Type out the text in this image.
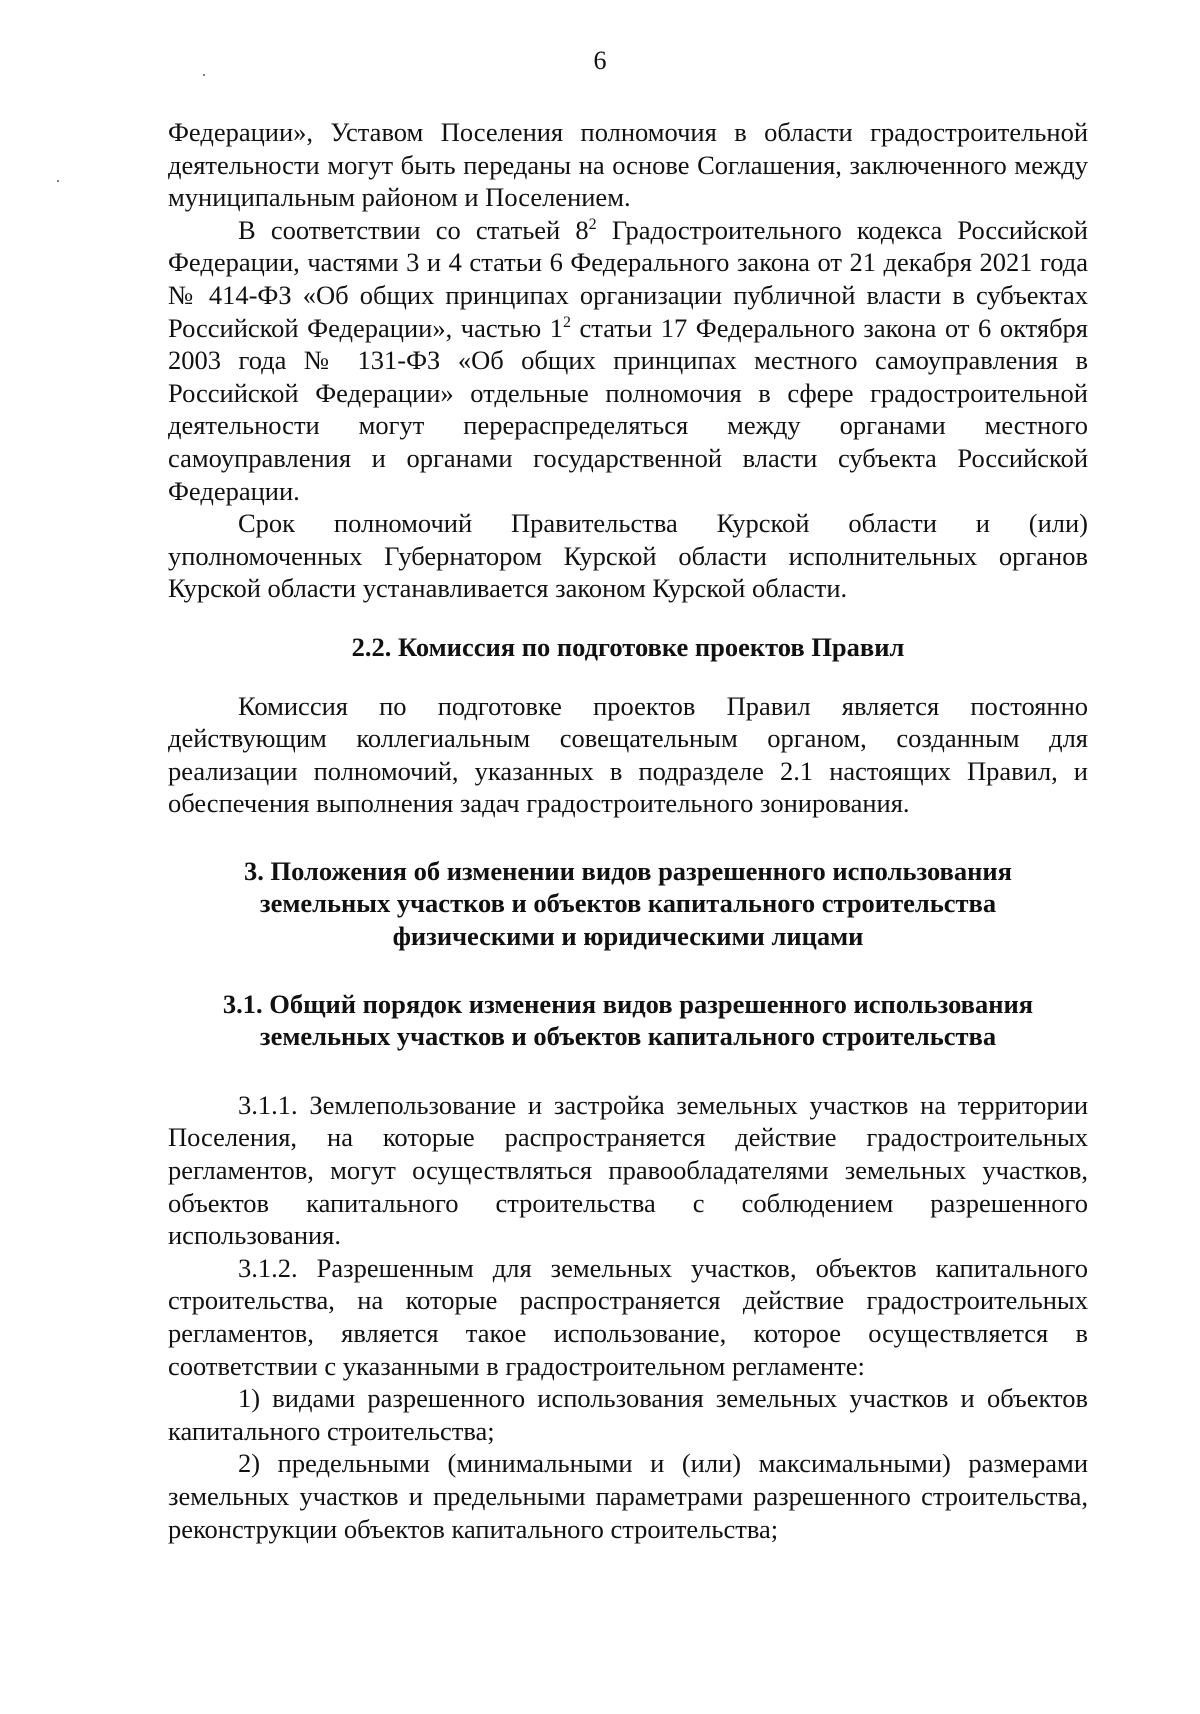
6

Федерации», Уставом Поселения полномочия в области градостроительной деятельности могут быть переданы на основе Соглашения, заключенного между муниципальным районом и Поселением.

В соответствии со статьей $8^2$ Градостроительного кодекса Российской Федерации, частями 3 и 4 статьи 6 Федерального закона от 21 декабря 2021 года № 414-ФЗ «Об общих принципах организации публичной власти в субъектах Российской Федерации», частью $1^2$ статьи 17 Федерального закона от 6 октября 2003 года № 131-ФЗ «Об общих принципах местного самоуправления в Российской Федерации» отдельные полномочия в сфере градостроительной деятельности могут перераспределяться между органами местного самоуправления и органами государственной власти субъекта Российской Федерации.

Срок полномочий Правительства Курской области и (или) уполномоченных Губернатором Курской области исполнительных органов Курской области устанавливается законом Курской области.

2.2. Комиссия по подготовке проектов Правил

Комиссия по подготовке проектов Правил является постоянно действующим коллегиальным совещательным органом, созданным для реализации полномочий, указанных в подразделе 2.1 настоящих Правил, и обеспечения выполнения задач градостроительного зонирования.

3. Положения об изменении видов разрешенного использования

земельных участков и объектов капитального строительства

физическими и юридическими лицами

3.1. Общий порядок изменения видов разрешенного использования

земельных участков и объектов капитального строительства

3.1.1. Землепользование и застройка земельных участков на территории Поселения, на которые распространяется действие градостроительных регламентов, могут осуществляться правообладателями земельных участков, объектов капитального строительства с соблюдением разрешенного использования.

3.1.2. Разрешенным для земельных участков, объектов капитального строительства, на которые распространяется действие градостроительных регламентов, является такое использование, которое осуществляется в соответствии с указанными в градостроительном регламенте:

1) видами разрешенного использования земельных участков и объектов капитального строительства;

2) предельными (минимальными и (или) максимальными) размерами земельных участков и предельными параметрами разрешенного строительства, реконструкции объектов капитального строительства;
